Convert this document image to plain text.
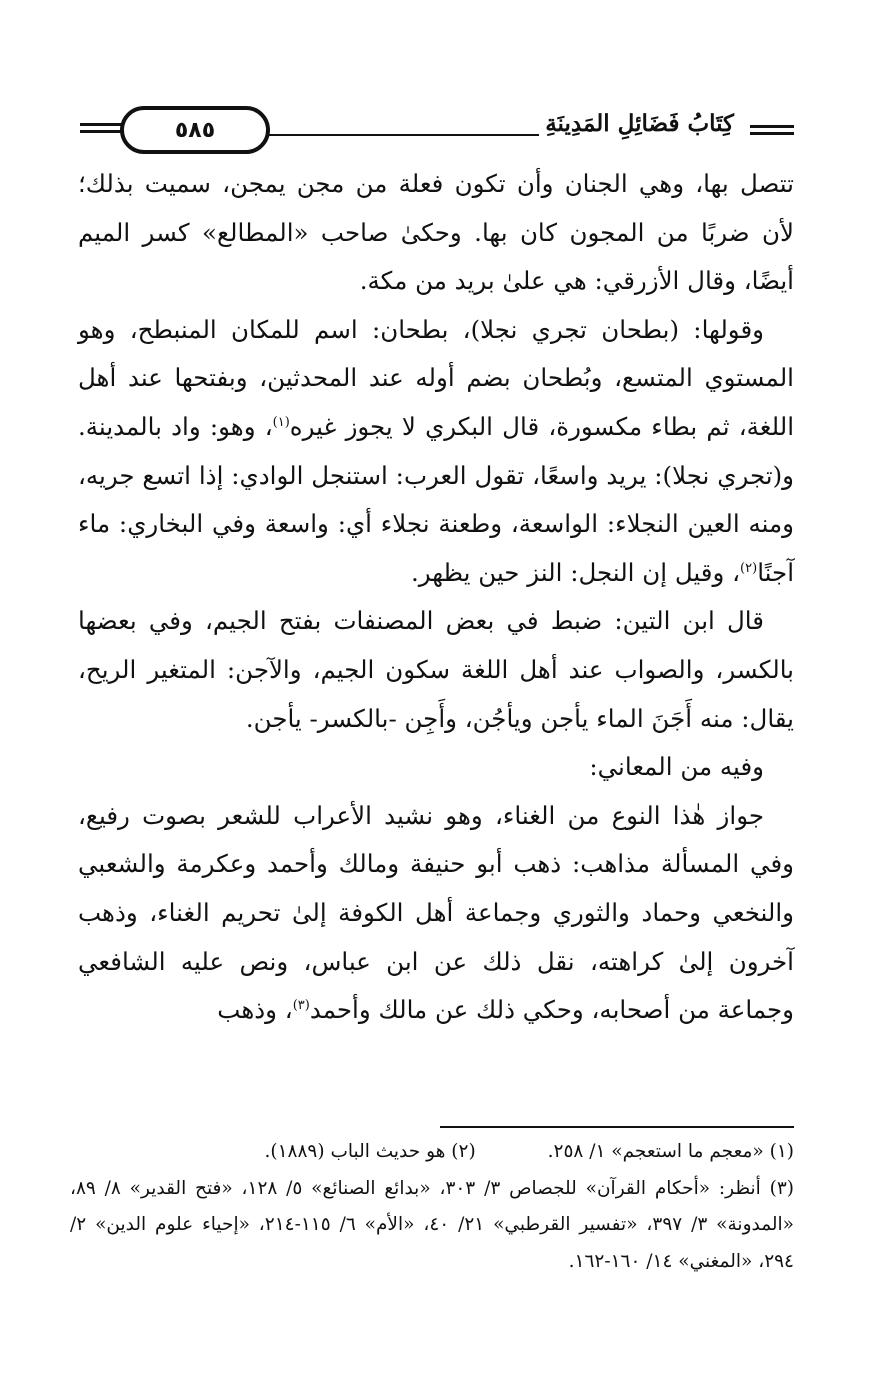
٥٨٥	كِتَابُ فَضَائِلِ المَدِينَةِ

تتصل بها، وهي الجنان وأن تكون فعلة من مجن يمجن، سميت بذلك؛ لأن ضربًا من المجون كان بها. وحكىٰ صاحب «المطالع» كسر الميم أيضًا، وقال الأزرقي: هي علىٰ بريد من مكة.

وقولها: (بطحان تجري نجلا)، بطحان: اسم للمكان المنبطح، وهو المستوي المتسع، وبُطحان بضم أوله عند المحدثين، وبفتحها عند أهل اللغة، ثم بطاء مكسورة، قال البكري لا يجوز غيره$^{(١)}$، وهو: واد بالمدينة. و(تجري نجلا): يريد واسعًا، تقول العرب: استنجل الوادي: إذا اتسع جريه، ومنه العين النجلاء: الواسعة، وطعنة نجلاء أي: واسعة وفي البخاري: ماء آجنًا$^{(٢)}$، وقيل إن النجل: النز حين يظهر.

قال ابن التين: ضبط في بعض المصنفات بفتح الجيم، وفي بعضها بالكسر، والصواب عند أهل اللغة سكون الجيم، والآجن: المتغير الريح، يقال: منه أَجَنَ الماء يأجن ويأجُن، وأَجِن -بالكسر- يأجن.

وفيه من المعاني:

جواز هٰذا النوع من الغناء، وهو نشيد الأعراب للشعر بصوت رفيع، وفي المسألة مذاهب: ذهب أبو حنيفة ومالك وأحمد وعكرمة والشعبي والنخعي وحماد والثوري وجماعة أهل الكوفة إلىٰ تحريم الغناء، وذهب آخرون إلىٰ كراهته، نقل ذلك عن ابن عباس، ونص عليه الشافعي وجماعة من أصحابه، وحكي ذلك عن مالك وأحمد$^{(٣)}$، وذهب

(١) «معجم ما استعجم» ١/ ٢٥٨.
(٢) هو حديث الباب (١٨٨٩).

(٣) أنظر: «أحكام القرآن» للجصاص ٣/ ٣٠٣، «بدائع الصنائع» ٥/ ١٢٨، «فتح القدير» ٨/ ٨٩، «المدونة» ٣/ ٣٩٧، «تفسير القرطبي» ٢١/ ٤٠، «الأم» ٦/ ١١٥-٢١٤، «إحياء علوم الدين» ٢/ ٢٩٤، «المغني» ١٤/ ١٦٠-١٦٢.
